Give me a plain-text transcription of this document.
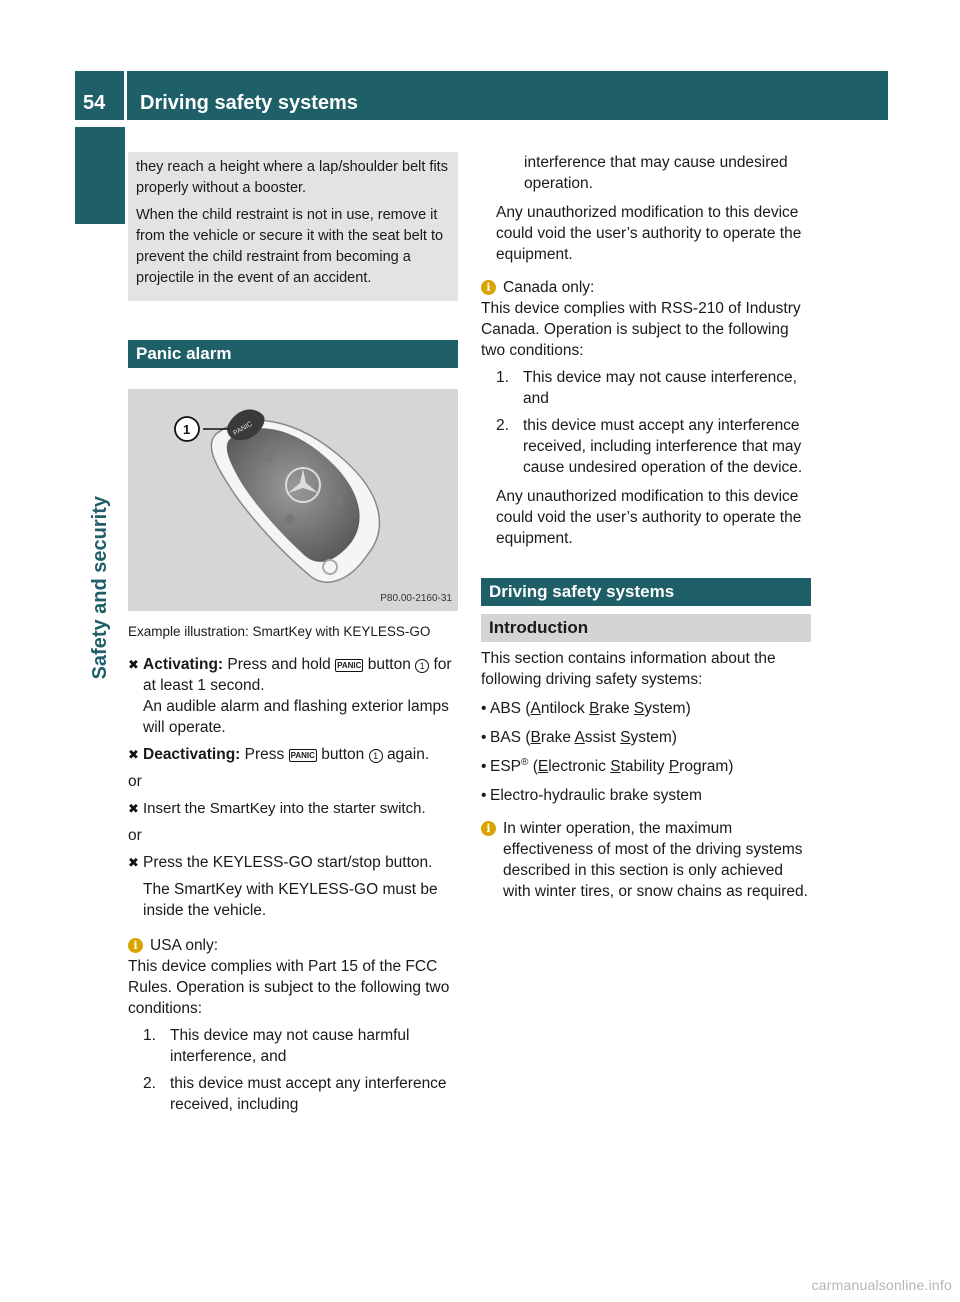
54 Driving safety systems
Safety and security

they reach a height where a lap/shoulder belt fits properly without a booster.

When the child restraint is not in use, remove it from the vehicle or secure it with the seat belt to prevent the child restraint from becoming a projectile in the event of an accident.

Panic alarm
PANIC
1
P80.00-2160-31
Example illustration: SmartKey with KEYLESS-GO
✖ Activating: Press and hold PANIC button 1 for at least 1 second.
An audible alarm and flashing exterior lamps will operate.
✖ Deactivating: Press PANIC button 1 again.
or
✖ Insert the SmartKey into the starter switch.
or
✖ Press the KEYLESS-GO start/stop button.
The SmartKey with KEYLESS-GO must be inside the vehicle.
i USA only:
This device complies with Part 15 of the FCC Rules. Operation is subject to the following two conditions:
1. This device may not cause harmful interference, and
2. this device must accept any interference received, including
interference that may cause undesired operation.
Any unauthorized modification to this device could void the user’s authority to operate the equipment.
i Canada only:
This device complies with RSS-210 of Industry Canada. Operation is subject to the following two conditions:
1. This device may not cause interference, and
2. this device must accept any interference received, including interference that may cause undesired operation of the device.
Any unauthorized modification to this device could void the user’s authority to operate the equipment.
Driving safety systems
Introduction
This section contains information about the following driving safety systems:
• ABS (Antilock Brake System)
• BAS (Brake Assist System)
• ESP® (Electronic Stability Program)
• Electro-hydraulic brake system
i In winter operation, the maximum effectiveness of most of the driving systems described in this section is only achieved with winter tires, or snow chains as required.
carmanualsonline.info
